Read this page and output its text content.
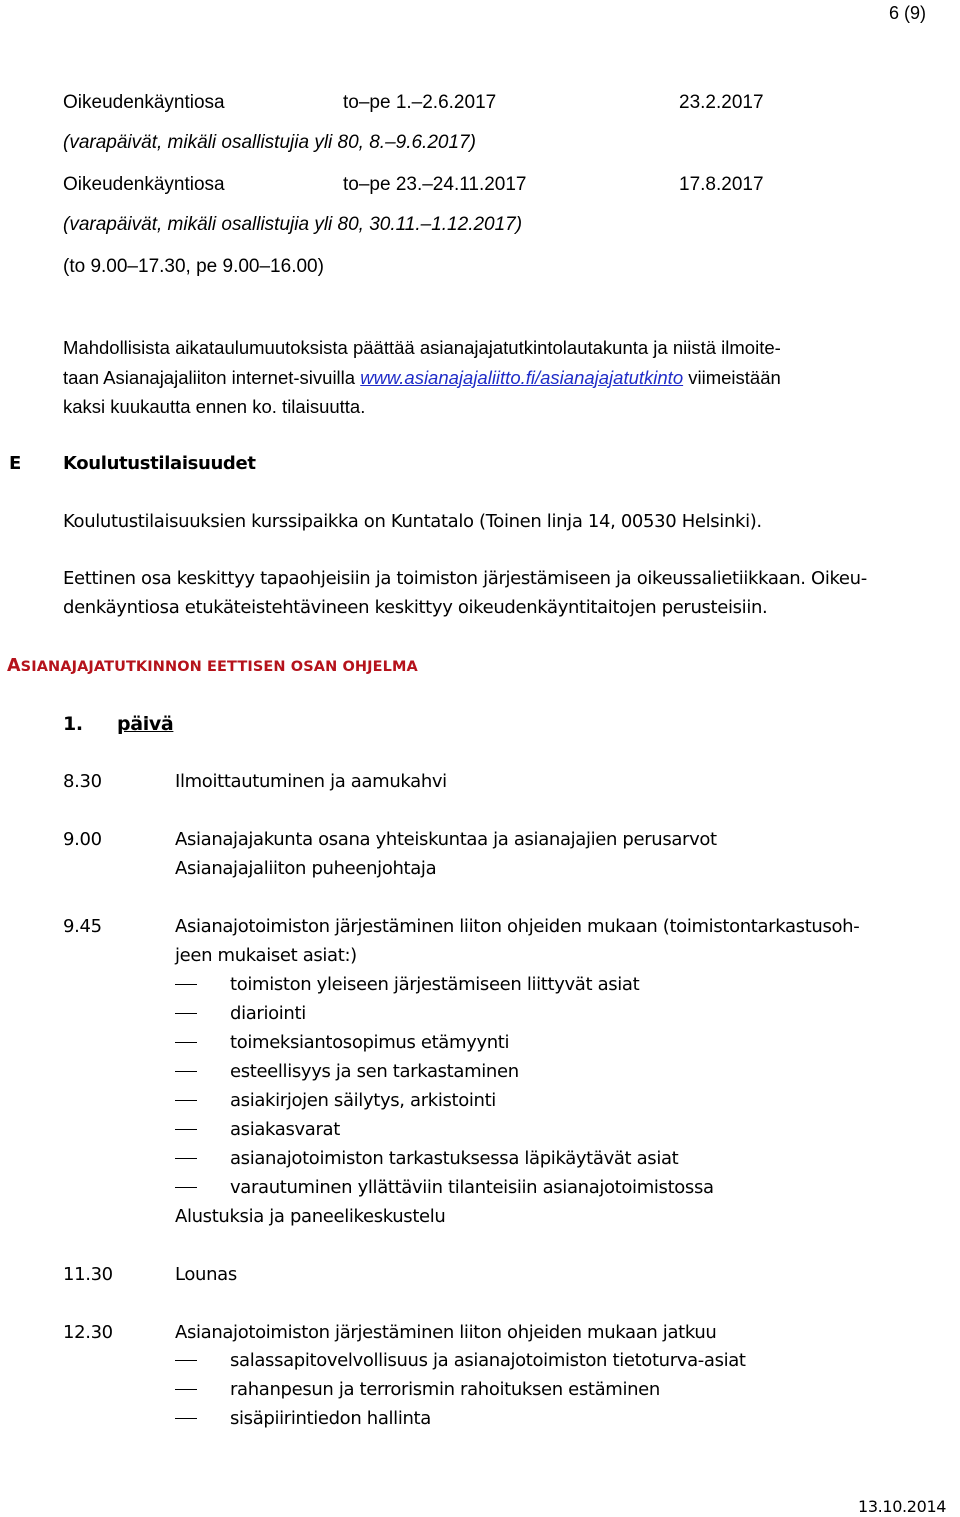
6 (9)
Oikeudenkäyntiosa	to–pe 1.–2.6.2017	23.2.2017
(varapäivät, mikäli osallistujia yli 80, 8.–9.6.2017)
Oikeudenkäyntiosa	to–pe 23.–24.11.2017	17.8.2017
(varapäivät, mikäli osallistujia yli 80, 30.11.–1.12.2017)
(to 9.00–17.30, pe 9.00–16.00)
Mahdollisista aikataulumuutoksista päättää asianajajatutkintolautakunta ja niistä ilmoite-
taan Asianajajaliiton internet-sivuilla www.asianajajaliitto.fi/asianajajatutkinto viimeistään
kaksi kuukautta ennen ko. tilaisuutta.
E Koulutustilaisuudet
Koulutustilaisuuksien kurssipaikka on Kuntatalo (Toinen linja 14, 00530 Helsinki).
Eettinen osa keskittyy tapaohjeisiin ja toimiston järjestämiseen ja oikeussalietiikkaan. Oikeu-
denkäyntiosa etukäteistehtävineen keskittyy oikeudenkäyntitaitojen perusteisiin.
ASIANAJAJATUTKINNON EETTISEN OSAN OHJELMA
1. päivä
8.30	Ilmoittautuminen ja aamukahvi
9.00	Asianajajakunta osana yhteiskuntaa ja asianajajien perusarvot
Asianajajaliiton puheenjohtaja
9.45	Asianajotoimiston järjestäminen liiton ohjeiden mukaan (toimistontarkastusoh-
jeen mukaiset asiat:)
toimiston yleiseen järjestämiseen liittyvät asiat
diariointi
toimeksiantosopimus etämyynti
esteellisyys ja sen tarkastaminen
asiakirjojen säilytys, arkistointi
asiakasvarat
asianajotoimiston tarkastuksessa läpikäytävät asiat
varautuminen yllättäviin tilanteisiin asianajotoimistossa
Alustuksia ja paneelikeskustelu
11.30	Lounas
12.30	Asianajotoimiston järjestäminen liiton ohjeiden mukaan jatkuu
salassapitovelvollisuus ja asianajotoimiston tietoturva-asiat
rahanpesun ja terrorismin rahoituksen estäminen
sisäpiirintiedon hallinta
13.10.2014
